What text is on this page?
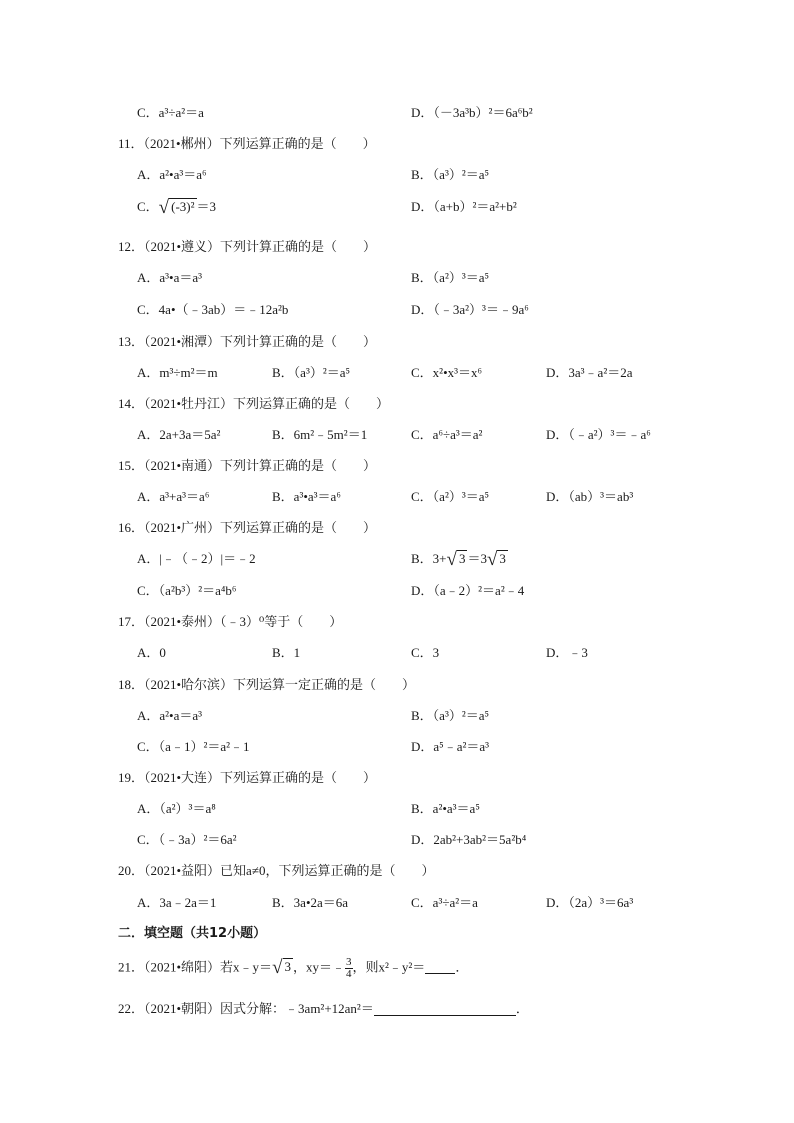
C．a³÷a²＝a	D．（－3a³b）²＝6a⁶b²
11．（2021•郴州）下列运算正确的是（　　）
A．a²•a³＝a⁶	B．（a³）²＝a⁵
C．√ (-3)² ＝3	D．（a+b）²＝a²+b²
12．（2021•遵义）下列计算正确的是（　　）
A．a³•a＝a³	B．（a²）³＝a⁵
C．4a•（﹣3ab）＝﹣12a²b	D．（﹣3a²）³＝﹣9a⁶
13．（2021•湘潭）下列计算正确的是（　　）
A．m³÷m²＝m	B．（a³）²＝a⁵	C．x²•x³＝x⁶	D．3a³﹣a²＝2a
14．（2021•牡丹江）下列运算正确的是（　　）
A．2a+3a＝5a²	B．6m²﹣5m²＝1	C．a⁶÷a³＝a²	D．（﹣a²）³＝﹣a⁶
15．（2021•南通）下列计算正确的是（　　）
A．a³+a³＝a⁶	B．a³•a³＝a⁶	C．（a²）³＝a⁵	D．（ab）³＝ab³
16．（2021•广州）下列运算正确的是（　　）
A．|﹣（﹣2）|＝﹣2	B．3+√ 3 ＝3√ 3
C．（a²b³）²＝a⁴b⁶	D．（a﹣2）²＝a²﹣4
17．（2021•泰州）（﹣3）⁰等于（　　）
A．0	B．1	C．3	D．﹣3
18．（2021•哈尔滨）下列运算一定正确的是（　　）
A．a²•a＝a³	B．（a³）²＝a⁵
C．（a﹣1）²＝a²﹣1	D．a⁵﹣a²＝a³
19．（2021•大连）下列运算正确的是（　　）
A．（a²）³＝a⁸	B．a²•a³＝a⁵
C．（﹣3a）²＝6a²	D．2ab²+3ab²＝5a²b⁴
20．（2021•益阳）已知a≠0，下列运算正确的是（　　）
A．3a﹣2a＝1	B．3a•2a＝6a	C．a³÷a²＝a	D．（2a）³＝6a³
二．填空题（共12小题）
21．（2021•绵阳）若x﹣y＝√ 3 ，xy＝﹣ $\frac{3}{4}$ ，则x²﹣y²＝ ．
22．（2021•朝阳）因式分解：﹣3am²+12an²＝	．
